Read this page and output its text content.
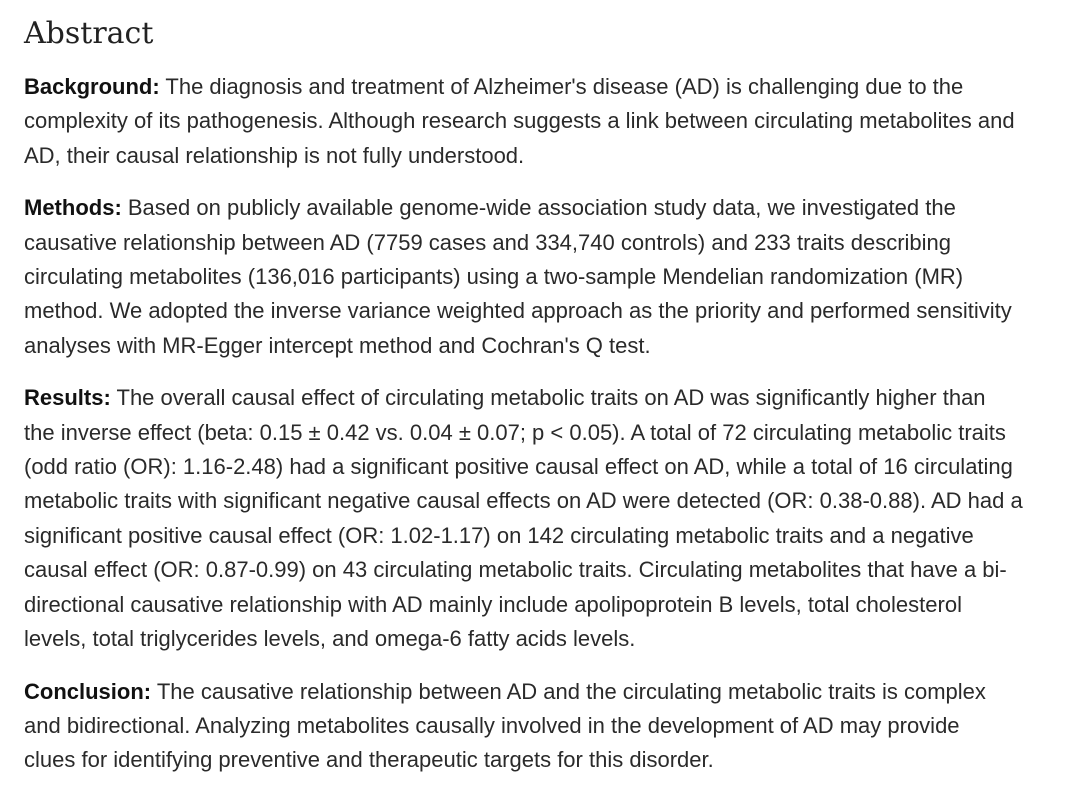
Abstract

Background: The diagnosis and treatment of Alzheimer's disease (AD) is challenging due to the
complexity of its pathogenesis. Although research suggests a link between circulating metabolites and
AD, their causal relationship is not fully understood.

Methods: Based on publicly available genome-wide association study data, we investigated the
causative relationship between AD (7759 cases and 334,740 controls) and 233 traits describing
circulating metabolites (136,016 participants) using a two-sample Mendelian randomization (MR)
method. We adopted the inverse variance weighted approach as the priority and performed sensitivity
analyses with MR-Egger intercept method and Cochran's Q test.

Results: The overall causal effect of circulating metabolic traits on AD was significantly higher than
the inverse effect (beta: 0.15 ± 0.42 vs. 0.04 ± 0.07; p < 0.05). A total of 72 circulating metabolic traits
(odd ratio (OR): 1.16-2.48) had a significant positive causal effect on AD, while a total of 16 circulating
metabolic traits with significant negative causal effects on AD were detected (OR: 0.38-0.88). AD had a
significant positive causal effect (OR: 1.02-1.17) on 142 circulating metabolic traits and a negative
causal effect (OR: 0.87-0.99) on 43 circulating metabolic traits. Circulating metabolites that have a bi-
directional causative relationship with AD mainly include apolipoprotein B levels, total cholesterol
levels, total triglycerides levels, and omega-6 fatty acids levels.

Conclusion: The causative relationship between AD and the circulating metabolic traits is complex
and bidirectional. Analyzing metabolites causally involved in the development of AD may provide
clues for identifying preventive and therapeutic targets for this disorder.
